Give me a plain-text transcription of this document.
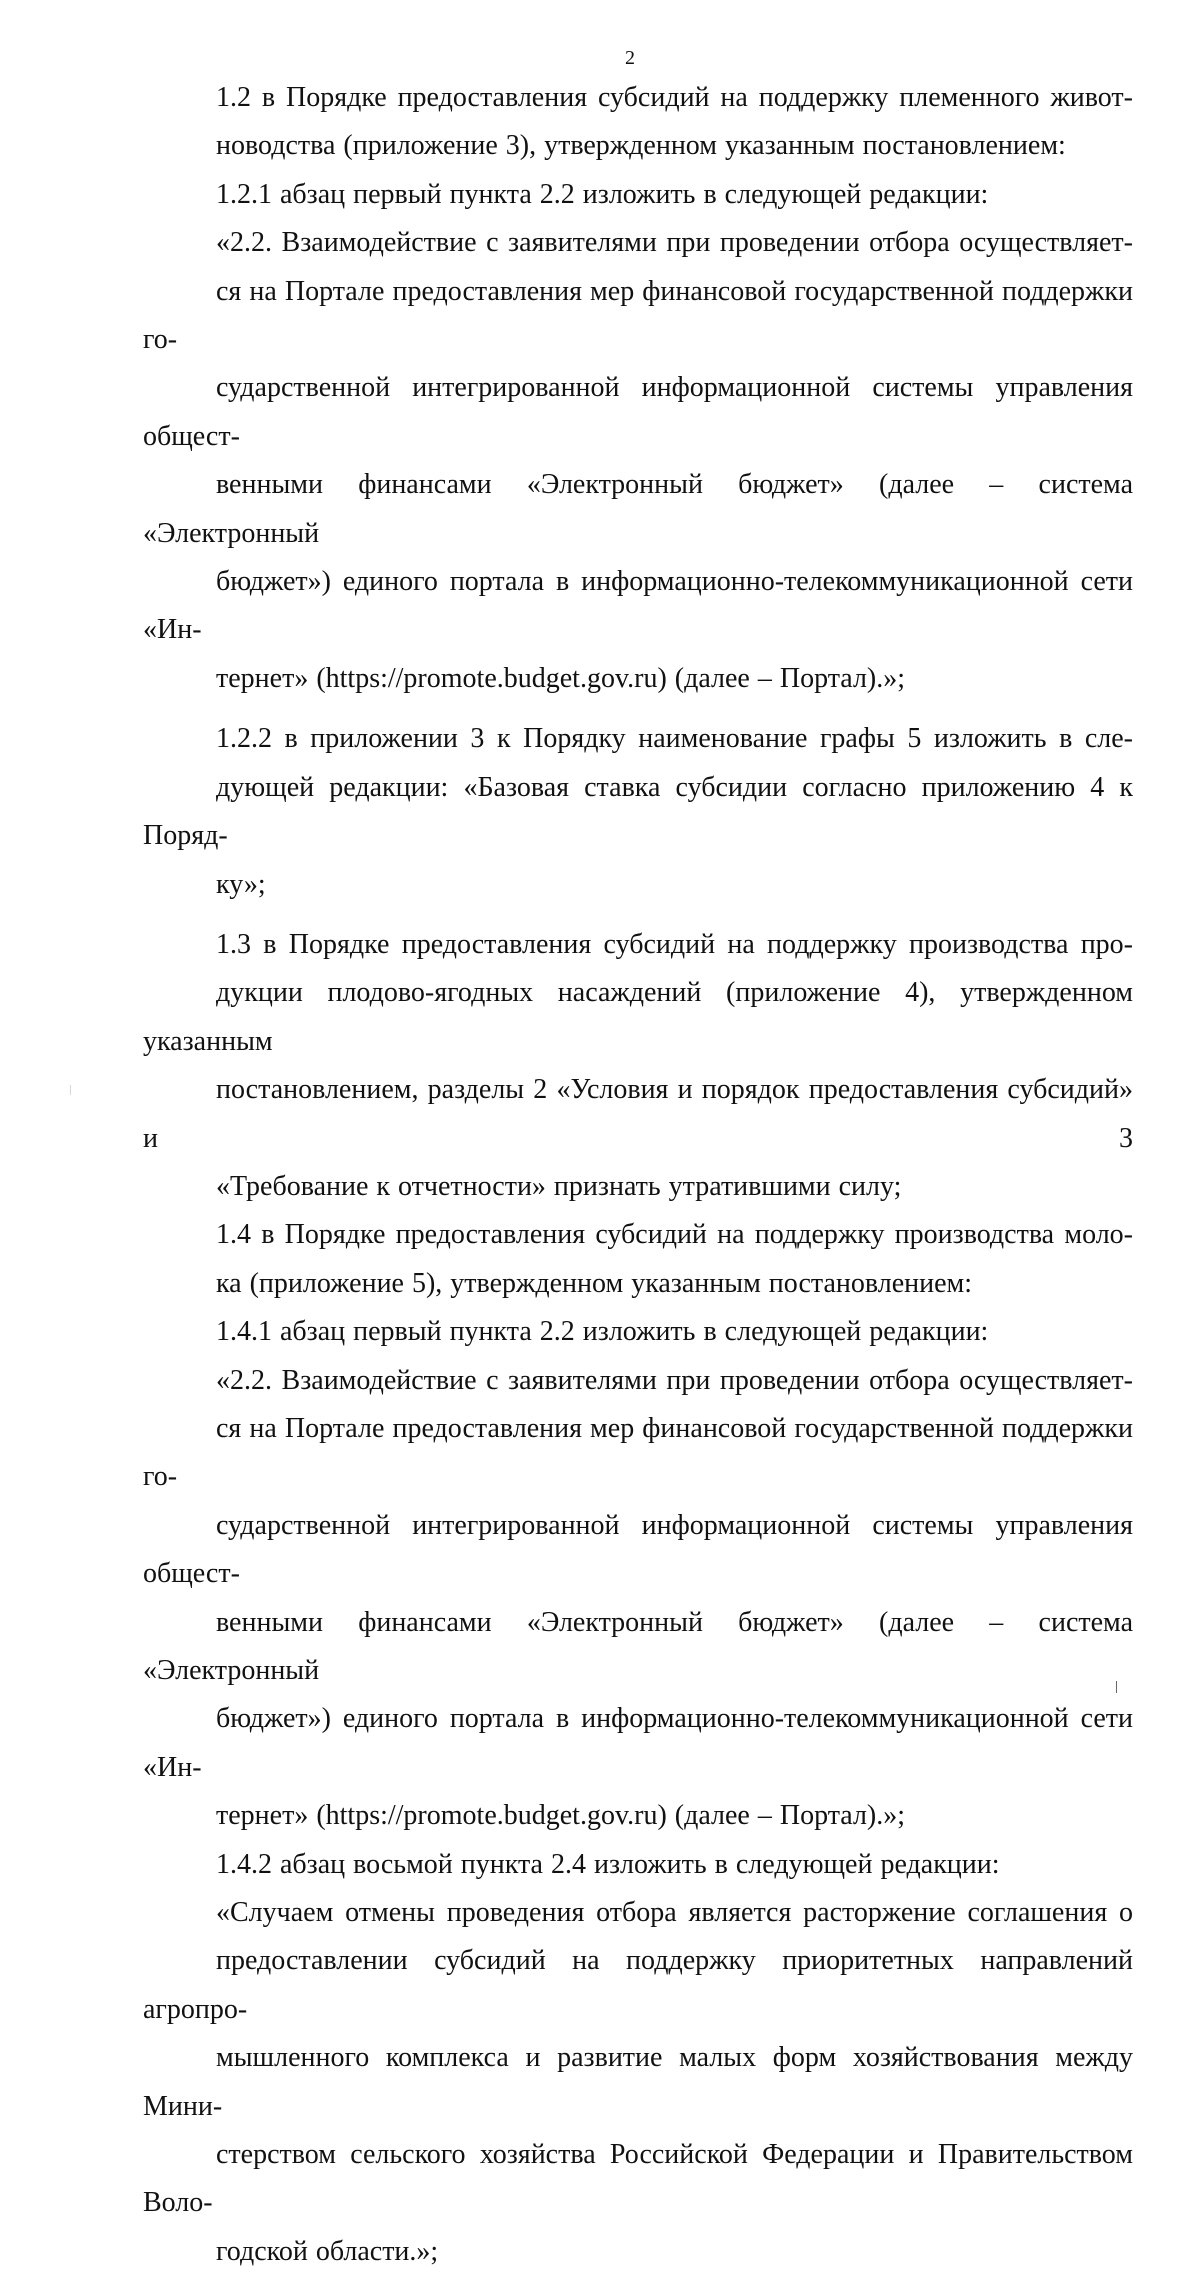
2

1.2 в Порядке предоставления субсидий на поддержку племенного живот-
новодства (приложение 3), утвержденном указанным постановлением:

1.2.1 абзац первый пункта 2.2 изложить в следующей редакции:

«2.2. Взаимодействие с заявителями при проведении отбора осуществляет-
ся на Портале предоставления мер финансовой государственной поддержки го-
сударственной интегрированной информационной системы управления общест-
венными финансами «Электронный бюджет» (далее – система «Электронный
бюджет») единого портала в информационно-телекоммуникационной сети «Ин-
тернет» (https://promote.budget.gov.ru) (далее – Портал).»;

1.2.2 в приложении 3 к Порядку наименование графы 5 изложить в сле-
дующей редакции: «Базовая ставка субсидии согласно приложению 4 к Поряд-
ку»;

1.3 в Порядке предоставления субсидий на поддержку производства про-
дукции плодово-ягодных насаждений (приложение 4), утвержденном указанным
постановлением, разделы 2 «Условия и порядок предоставления субсидий» и 3
«Требование к отчетности» признать утратившими силу;

1.4 в Порядке предоставления субсидий на поддержку производства моло-
ка (приложение 5), утвержденном указанным постановлением:

1.4.1 абзац первый пункта 2.2 изложить в следующей редакции:

«2.2. Взаимодействие с заявителями при проведении отбора осуществляет-
ся на Портале предоставления мер финансовой государственной поддержки го-
сударственной интегрированной информационной системы управления общест-
венными финансами «Электронный бюджет» (далее – система «Электронный
бюджет») единого портала в информационно-телекоммуникационной сети «Ин-
тернет» (https://promote.budget.gov.ru) (далее – Портал).»;

1.4.2 абзац восьмой пункта 2.4 изложить в следующей редакции:

«Случаем отмены проведения отбора является расторжение соглашения о
предоставлении субсидий на поддержку приоритетных направлений агропро-
мышленного комплекса и развитие малых форм хозяйствования между Мини-
стерством сельского хозяйства Российской Федерации и Правительством Воло-
годской области.»;
